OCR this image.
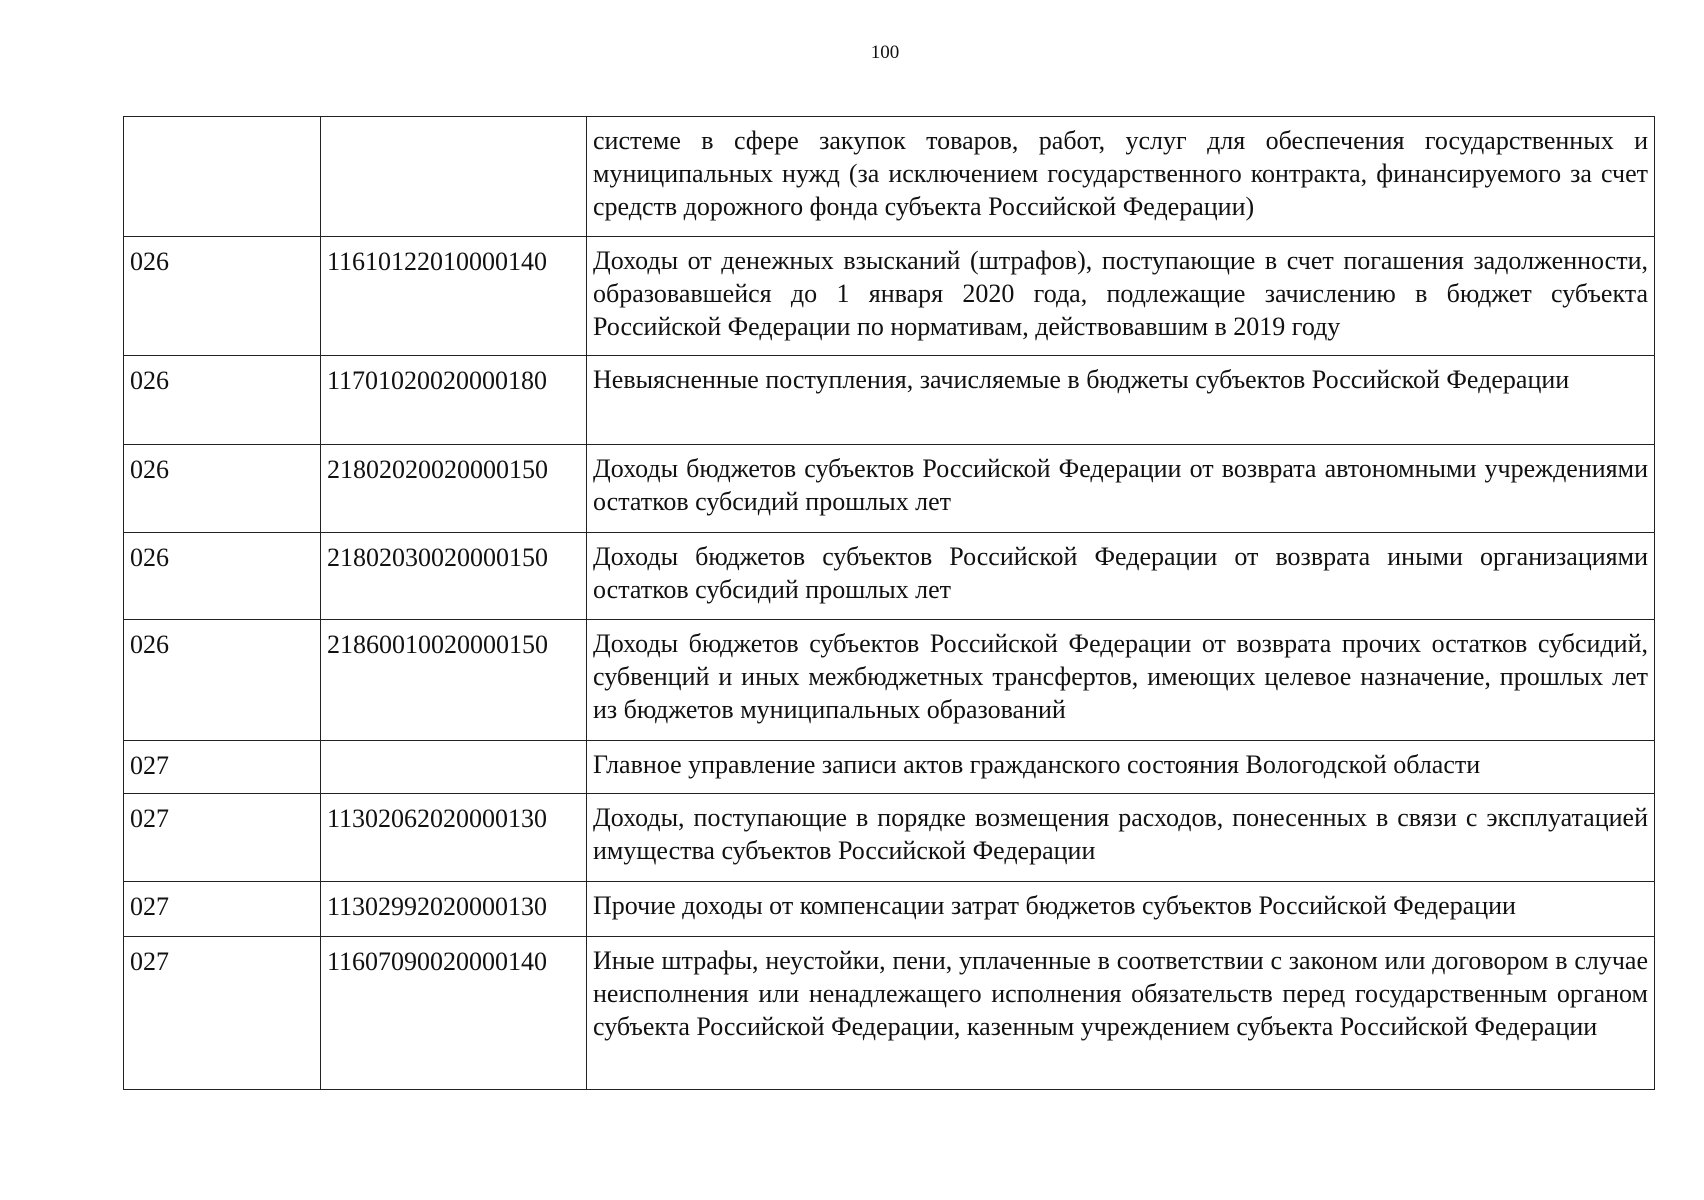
100
		системе в сфере закупок товаров, работ, услуг для обеспечения государственных и муниципальных нужд (за исключением государственного контракта, финансируемого за счет средств дорожного фонда субъекта Российской Федерации)
026	11610122010000140	Доходы от денежных взысканий (штрафов), поступающие в счет погашения задолженности, образовавшейся до 1 января 2020 года, подлежащие зачислению в бюджет субъекта Российской Федерации по нормативам, действовавшим в 2019 году
026	11701020020000180	Невыясненные поступления, зачисляемые в бюджеты субъектов Российской Федерации
026	21802020020000150	Доходы бюджетов субъектов Российской Федерации от возврата автономными учреждениями остатков субсидий прошлых лет
026	21802030020000150	Доходы бюджетов субъектов Российской Федерации от возврата иными организациями остатков субсидий прошлых лет
026	21860010020000150	Доходы бюджетов субъектов Российской Федерации от возврата прочих остатков субсидий, субвенций и иных межбюджетных трансфертов, имеющих целевое назначение, прошлых лет из бюджетов муниципальных образований
027		Главное управление записи актов гражданского состояния Вологодской области
027	11302062020000130	Доходы, поступающие в порядке возмещения расходов, понесенных в связи с эксплуатацией имущества субъектов Российской Федерации
027	11302992020000130	Прочие доходы от компенсации затрат бюджетов субъектов Российской Федерации
027	11607090020000140	Иные штрафы, неустойки, пени, уплаченные в соответствии с законом или договором в случае неисполнения или ненадлежащего исполнения обязательств перед государственным органом субъекта Российской Федерации, казенным учреждением субъекта Российской Федерации
